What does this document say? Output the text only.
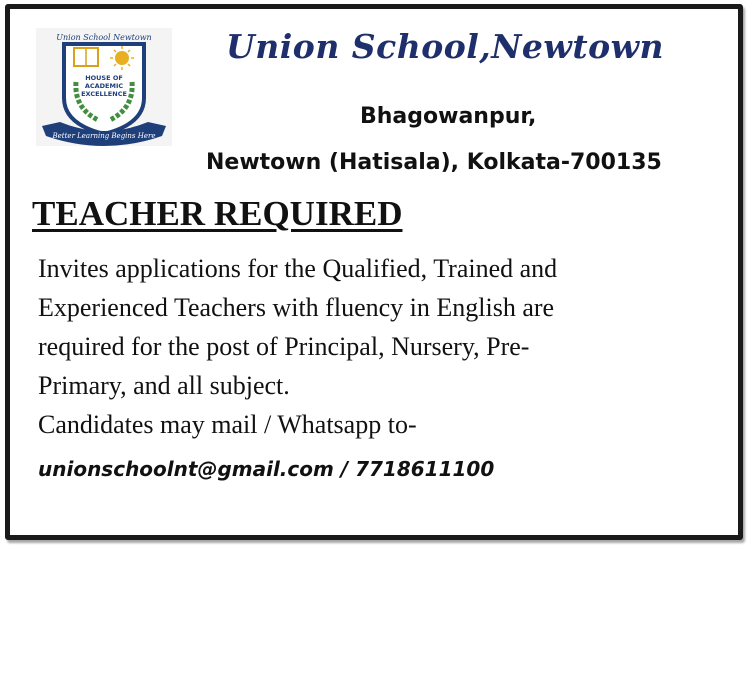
Union School Newtown
HOUSE OF
ACADEMIC
EXCELLENCE
Better Learning Begins Here
Union School,Newtown
Bhagowanpur,
Newtown (Hatisala), Kolkata-700135
TEACHER REQUIRED
Invites applications for the Qualified, Trained and
Experienced Teachers with fluency in English are
required for the post of Principal, Nursery, Pre-
Primary, and all subject.
Candidates may mail / Whatsapp to-
unionschoolnt@gmail.com / 7718611100
